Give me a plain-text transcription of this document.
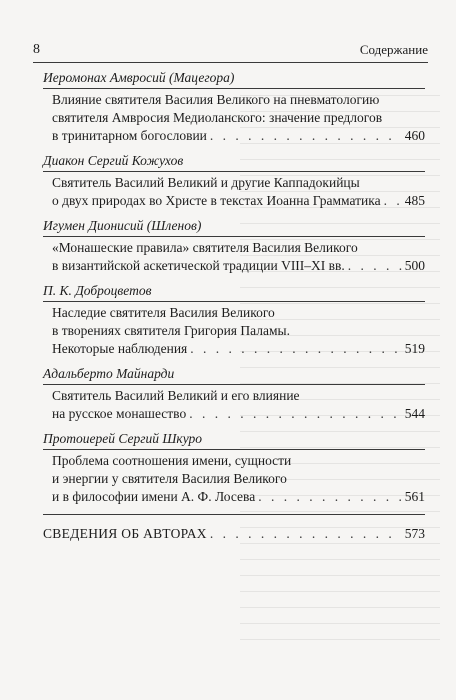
8	Содержание
Иеромонах Амвросий (Мацегора)
Влияние святителя Василия Великого на пневматологию
святителя Амвросия Медиоланского: значение предлогов
в тринитарном богословии . . .	460
Диакон Сергий Кожухов
Святитель Василий Великий и другие Каппадокийцы
о двух природах во Христе в текстах Иоанна Грамматика . . . 485
Игумен Дионисий (Шленов)
«Монашеские правила» святителя Василия Великого
в византийской аскетической традиции VIII–XI вв. . . .	500
П. К. Доброцветов
Наследие святителя Василия Великого
в творениях святителя Григория Паламы.
Некоторые наблюдения . . .	519
Адальберто Майнарди
Святитель Василий Великий и его влияние
на русское монашество . . .	544
Протоиерей Сергий Шкуро
Проблема соотношения имени, сущности
и энергии у святителя Василия Великого
и в философии имени А. Ф. Лосева . . .	561
СВЕДЕНИЯ ОБ АВТОРАХ . . .	573
